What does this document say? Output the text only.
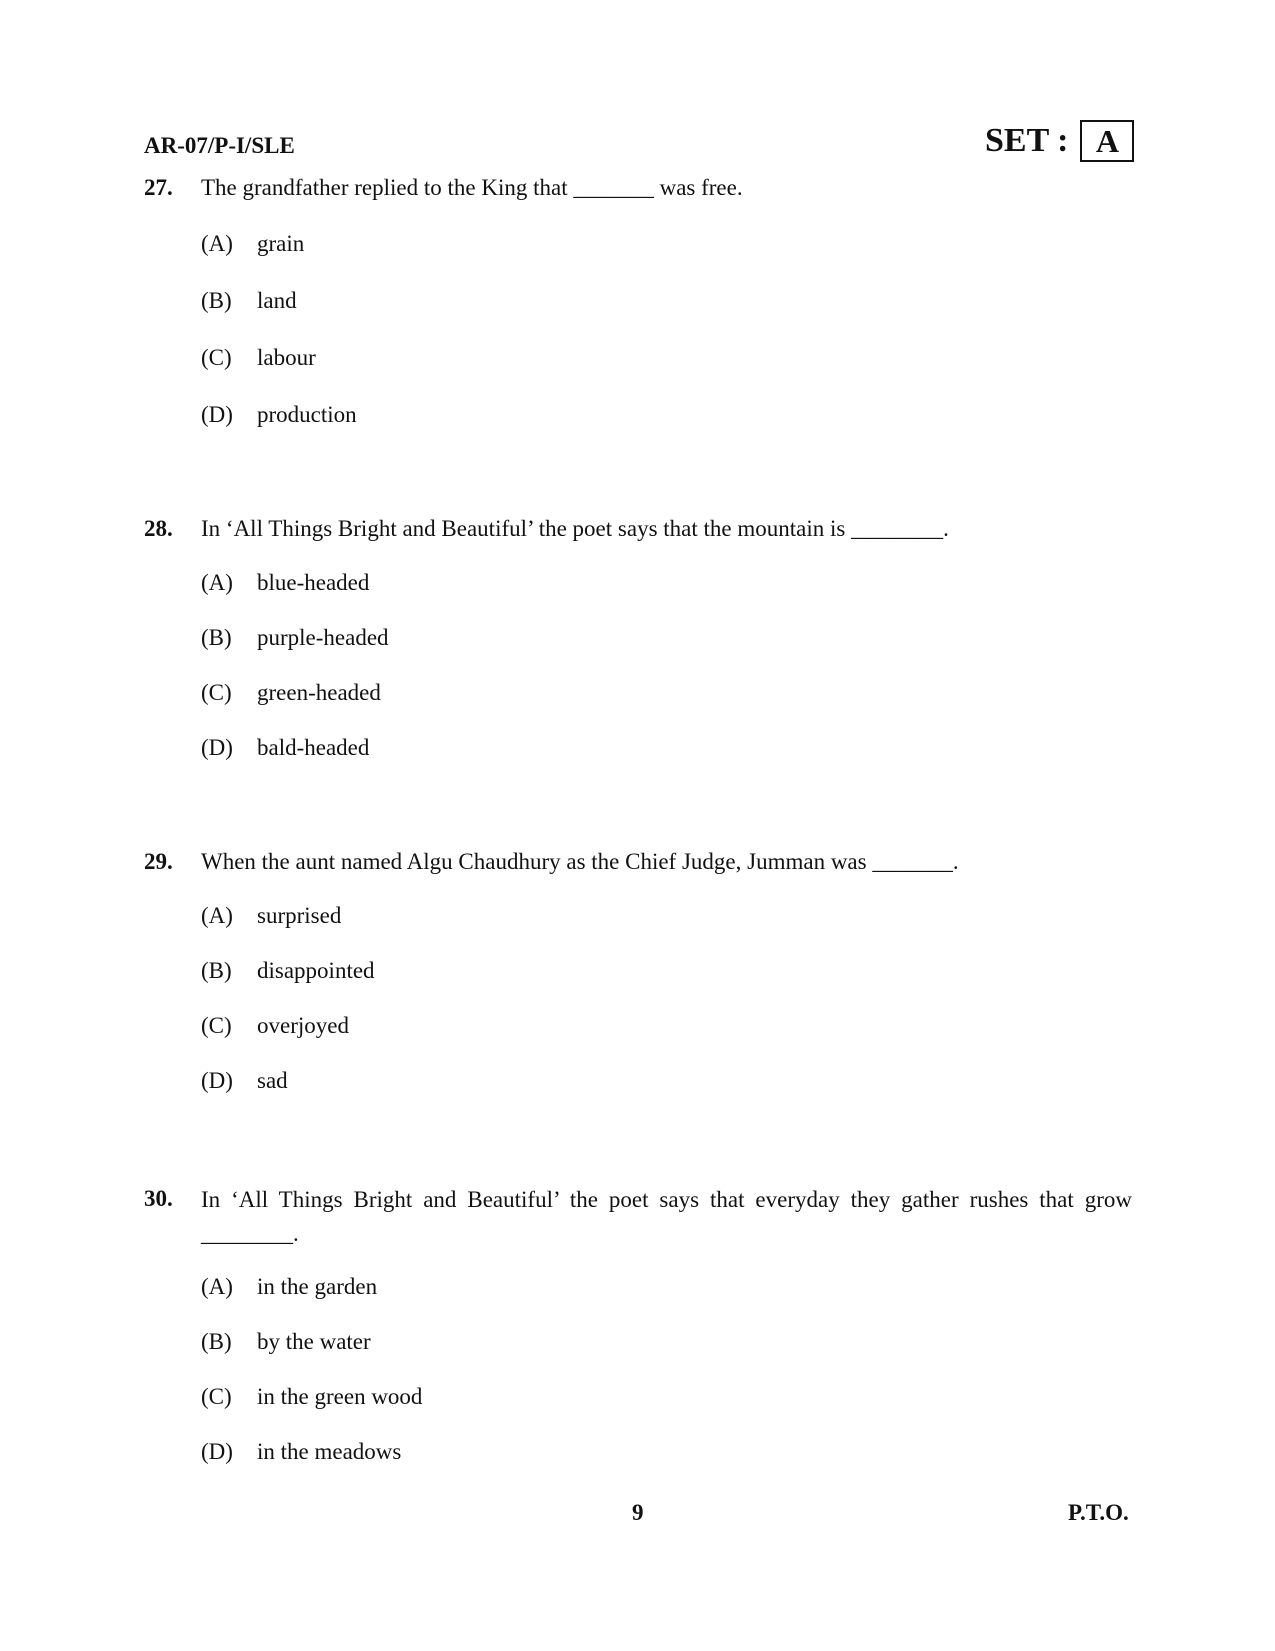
AR-07/P-I/SLE	SET : A
27. The grandfather replied to the King that _______ was free.
(A) grain
(B) land
(C) labour
(D) production
28. In ‘All Things Bright and Beautiful’ the poet says that the mountain is ________.
(A) blue-headed
(B) purple-headed
(C) green-headed
(D) bald-headed
29. When the aunt named Algu Chaudhury as the Chief Judge, Jumman was _______.
(A) surprised
(B) disappointed
(C) overjoyed
(D) sad
30. In ‘All Things Bright and Beautiful’ the poet says that everyday they gather rushes that grow ________.
(A) in the garden
(B) by the water
(C) in the green wood
(D) in the meadows
9	P.T.O.
